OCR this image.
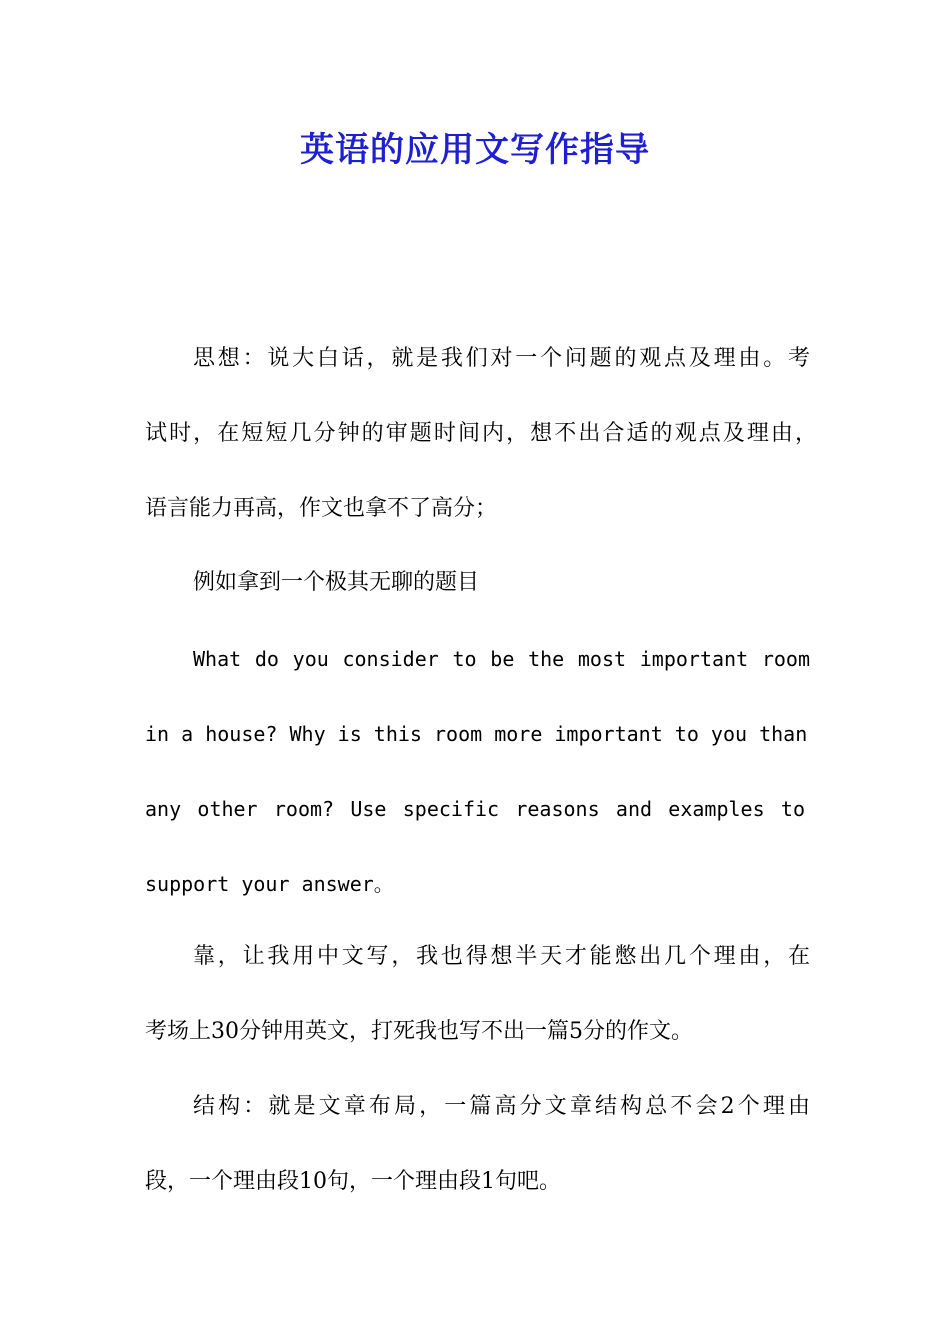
英语的应用文写作指导
思想：说大白话，就是我们对一个问题的观点及理由。考
试时，在短短几分钟的审题时间内，想不出合适的观点及理由，
语言能力再高，作文也拿不了高分；
例如拿到一个极其无聊的题目
What do you consider to be the most important room
in a house? Why is this room more important to you than
any other room? Use specific reasons and examples to
support your answer。
靠，让我用中文写，我也得想半天才能憋出几个理由，在
考场上30分钟用英文，打死我也写不出一篇5分的作文。
结构：就是文章布局，一篇高分文章结构总不会2个理由
段，一个理由段10句，一个理由段1句吧。
